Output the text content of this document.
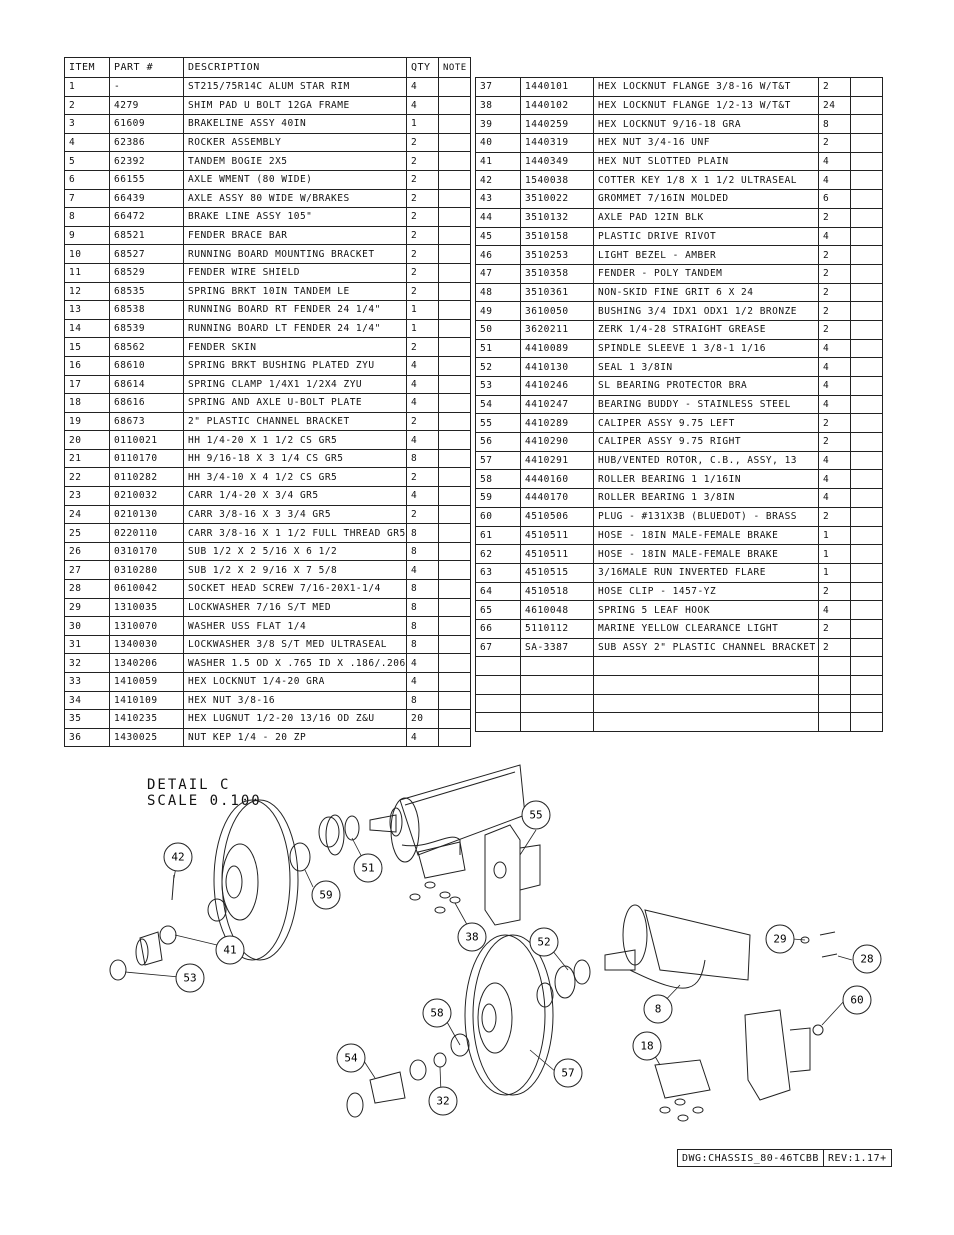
ITEM	PART #	DESCRIPTION	QTY	NOTE
1	-	ST215/75R14C ALUM STAR RIM	4	
2	4279	SHIM PAD U BOLT 12GA FRAME	4	
3	61609	BRAKELINE ASSY 40IN	1	
4	62386	ROCKER ASSEMBLY	2	
5	62392	TANDEM BOGIE 2X5	2	
6	66155	AXLE WMENT (80 WIDE)	2	
7	66439	AXLE ASSY 80 WIDE W/BRAKES	2	
8	66472	BRAKE LINE ASSY 105"	2	
9	68521	FENDER BRACE BAR	2	
10	68527	RUNNING BOARD MOUNTING BRACKET	2	
11	68529	FENDER WIRE SHIELD	2	
12	68535	SPRING BRKT 10IN TANDEM LE	2	
13	68538	RUNNING BOARD RT FENDER 24 1/4"	1	
14	68539	RUNNING BOARD LT FENDER 24 1/4"	1	
15	68562	FENDER SKIN	2	
16	68610	SPRING BRKT BUSHING PLATED ZYU	4	
17	68614	SPRING CLAMP 1/4X1 1/2X4 ZYU	4	
18	68616	SPRING AND AXLE U-BOLT PLATE	4	
19	68673	2" PLASTIC CHANNEL BRACKET	2	
20	0110021	HH 1/4-20 X 1 1/2 CS GR5	4	
21	0110170	HH 9/16-18 X 3 1/4 CS GR5	8	
22	0110282	HH 3/4-10 X 4 1/2 CS GR5	2	
23	0210032	CARR 1/4-20 X 3/4 GR5	4	
24	0210130	CARR 3/8-16 X 3 3/4 GR5	2	
25	0220110	CARR 3/8-16 X 1 1/2 FULL THREAD GR5	8	
26	0310170	SUB 1/2 X 2 5/16 X 6 1/2	8	
27	0310280	SUB 1/2 X 2 9/16 X 7 5/8	4	
28	0610042	SOCKET HEAD SCREW 7/16-20X1-1/4	8	
29	1310035	LOCKWASHER 7/16 S/T MED	8	
30	1310070	WASHER USS FLAT 1/4	8	
31	1340030	LOCKWASHER 3/8 S/T MED ULTRASEAL	8	
32	1340206	WASHER 1.5 OD X .765 ID X .186/.206	4	
33	1410059	HEX LOCKNUT 1/4-20 GRA	4	
34	1410109	HEX NUT 3/8-16	8	
35	1410235	HEX LUGNUT 1/2-20 13/16 OD Z&U	20	
36	1430025	NUT KEP 1/4 - 20 ZP	4	
37	1440101	HEX LOCKNUT FLANGE 3/8-16 W/T&T	2	
38	1440102	HEX LOCKNUT FLANGE 1/2-13 W/T&T	24	
39	1440259	HEX LOCKNUT 9/16-18 GRA	8	
40	1440319	HEX NUT 3/4-16 UNF	2	
41	1440349	HEX NUT SLOTTED PLAIN	4	
42	1540038	COTTER KEY 1/8 X 1 1/2 ULTRASEAL	4	
43	3510022	GROMMET 7/16IN MOLDED	6	
44	3510132	AXLE PAD 12IN BLK	2	
45	3510158	PLASTIC DRIVE RIVOT	4	
46	3510253	LIGHT BEZEL - AMBER	2	
47	3510358	FENDER - POLY TANDEM	2	
48	3510361	NON-SKID FINE GRIT 6 X 24	2	
49	3610050	BUSHING 3/4 IDX1 ODX1 1/2 BRONZE	2	
50	3620211	ZERK 1/4-28 STRAIGHT GREASE	2	
51	4410089	SPINDLE SLEEVE 1 3/8-1 1/16	4	
52	4410130	SEAL 1 3/8IN	4	
53	4410246	SL BEARING PROTECTOR BRA	4	
54	4410247	BEARING BUDDY - STAINLESS STEEL	4	
55	4410289	CALIPER ASSY 9.75 LEFT	2	
56	4410290	CALIPER ASSY 9.75 RIGHT	2	
57	4410291	HUB/VENTED ROTOR, C.B., ASSY, 13	4	
58	4440160	ROLLER BEARING 1 1/16IN	4	
59	4440170	ROLLER BEARING 1 3/8IN	4	
60	4510506	PLUG - #131X3B (BLUEDOT) - BRASS	2	
61	4510511	HOSE - 18IN MALE-FEMALE BRAKE	1	
62	4510511	HOSE - 18IN MALE-FEMALE BRAKE	1	
63	4510515	3/16MALE RUN INVERTED FLARE	1	
64	4510518	HOSE CLIP - 1457-YZ	2	
65	4610048	SPRING 5 LEAF HOOK	4	
66	5110112	MARINE YELLOW CLEARANCE LIGHT	2	
67	SA-3387	SUB ASSY 2" PLASTIC CHANNEL BRACKET	2	

DETAIL C
SCALE 0.100
42
59
51
55
41
53
38	52	29
28
60
8
18
58
54
57
32
DWG:CHASSIS_80-46TCBB REV:1.17+
